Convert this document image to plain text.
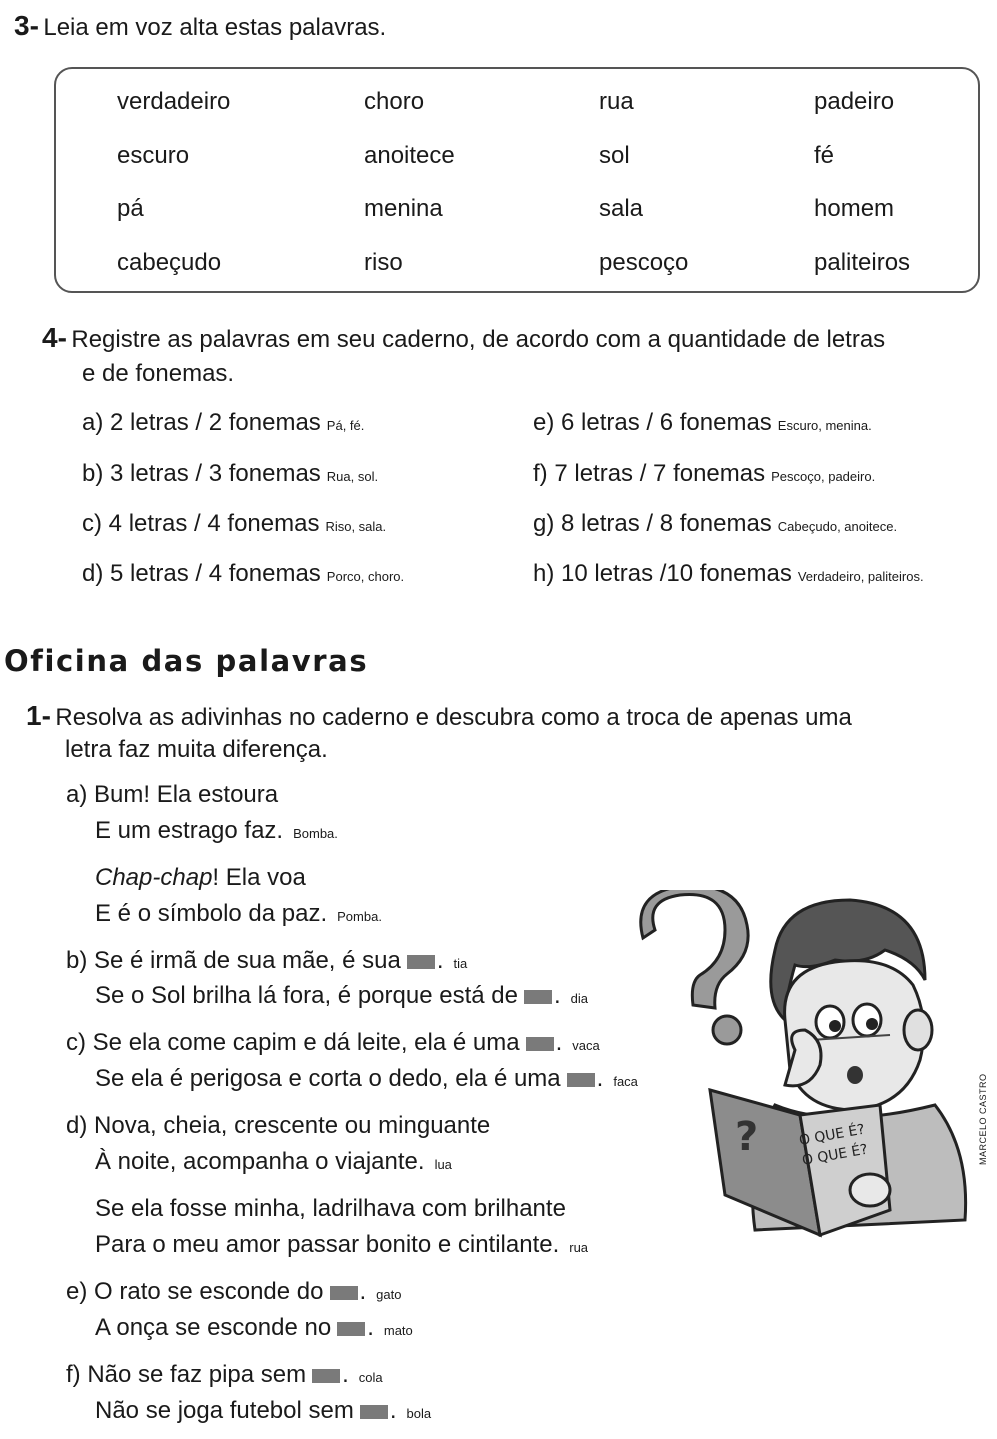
3- Leia em voz alta estas palavras.
verdadeiro
escuro
pá
cabeçudo
choro
anoitece
menina
riso
rua
sol
sala
pescoço
padeiro
fé
homem
paliteiros
4- Registre as palavras em seu caderno, de acordo com a quantidade de letras
e de fonemas.
a) 2 letras / 2 fonemas Pá, fé.
b) 3 letras / 3 fonemas Rua, sol.
c) 4 letras / 4 fonemas Riso, sala.
d) 5 letras / 4 fonemas Porco, choro.
e) 6 letras / 6 fonemas Escuro, menina.
f) 7 letras / 7 fonemas Pescoço, padeiro.
g) 8 letras / 8 fonemas Cabeçudo, anoitece.
h) 10 letras /10 fonemas Verdadeiro, paliteiros.
Oficina das palavras
1- Resolva as adivinhas no caderno e descubra como a troca de apenas uma
letra faz muita diferença.
a) Bum! Ela estoura
E um estrago faz. Bomba.
Chap-chap! Ela voa
E é o símbolo da paz. Pomba.
b) Se é irmã de sua mãe, é sua . tia
Se o Sol brilha lá fora, é porque está de . dia
c) Se ela come capim e dá leite, ela é uma . vaca
Se ela é perigosa e corta o dedo, ela é uma . faca
d) Nova, cheia, crescente ou minguante
À noite, acompanha o viajante. lua
Se ela fosse minha, ladrilhava com brilhante
Para o meu amor passar bonito e cintilante. rua
e) O rato se esconde do . gato
A onça se esconde no . mato
f) Não se faz pipa sem . cola
Não se joga futebol sem . bola
?	O QUE É?
O QUE É?	MARCELO CASTRO
